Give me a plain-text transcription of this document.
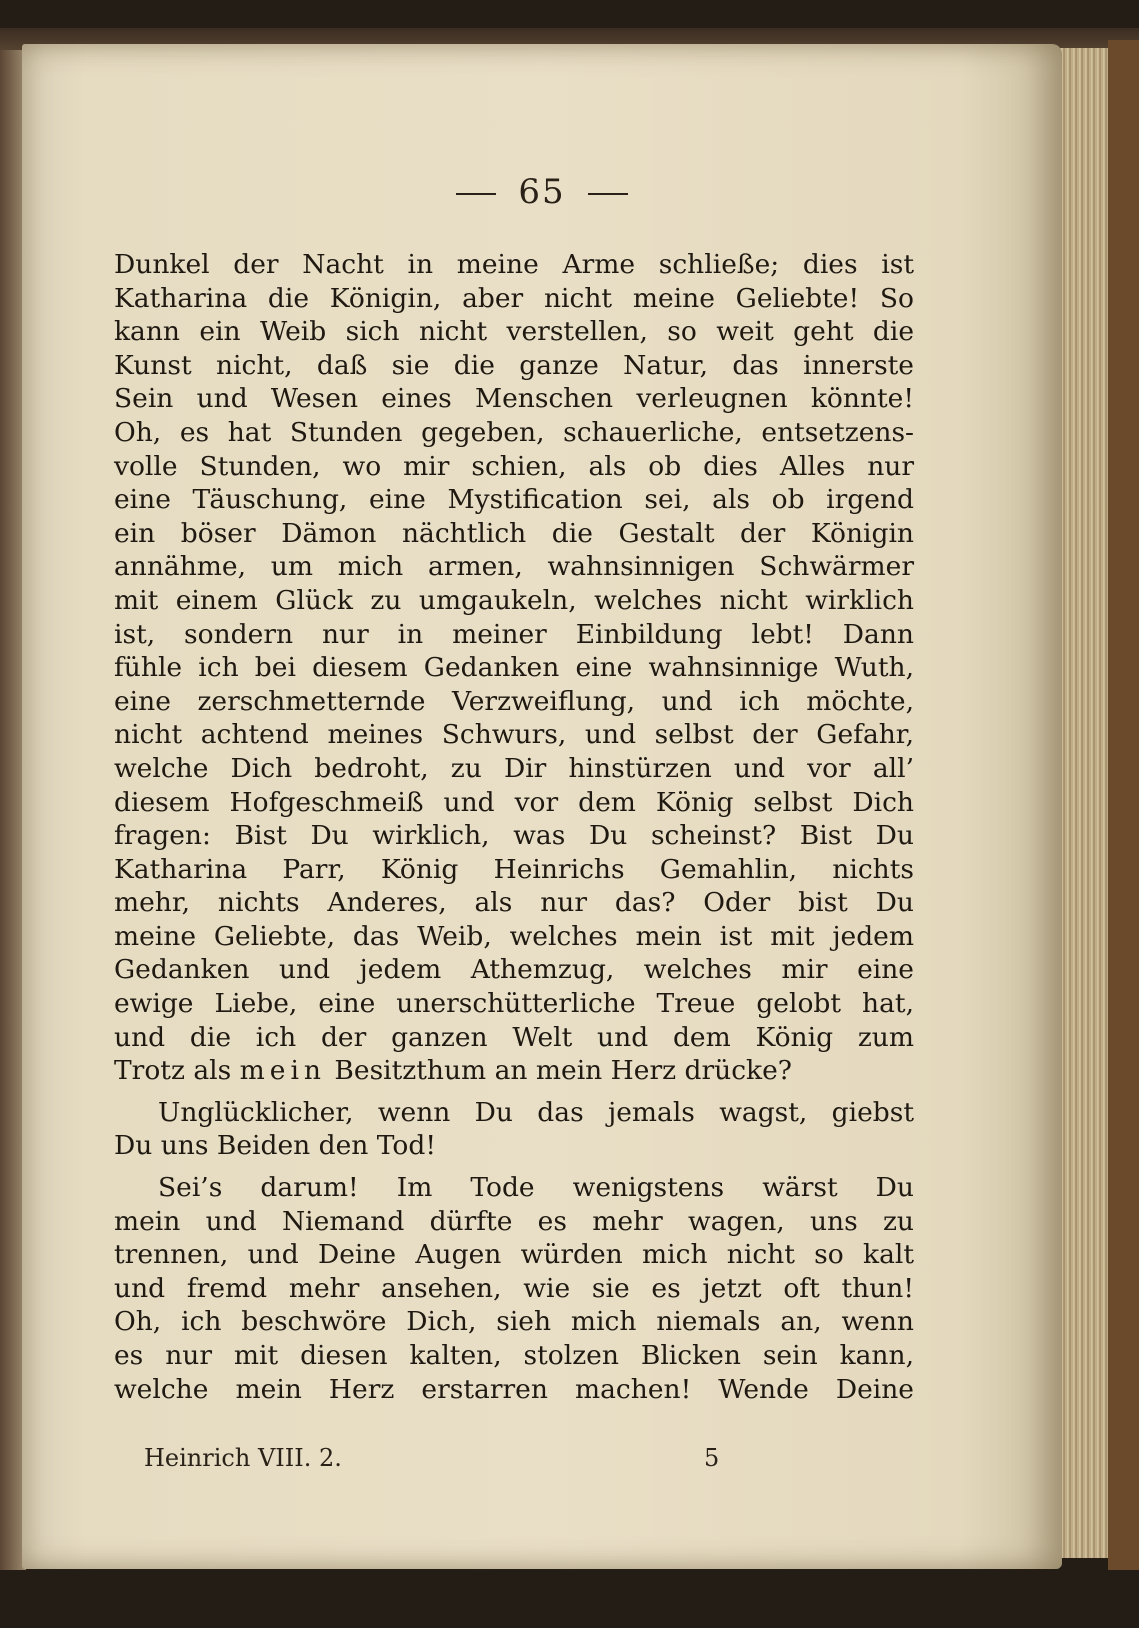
65
Dunkel der Nacht in meine Arme schließe; dies ist
Katharina die Königin, aber nicht meine Geliebte! So
kann ein Weib sich nicht verstellen, so weit geht die
Kunst nicht, daß sie die ganze Natur, das innerste
Sein und Wesen eines Menschen verleugnen könnte!
Oh, es hat Stunden gegeben, schauerliche, entsetzens-
volle Stunden, wo mir schien, als ob dies Alles nur
eine Täuschung, eine Mystification sei, als ob irgend
ein böser Dämon nächtlich die Gestalt der Königin
annähme, um mich armen, wahnsinnigen Schwärmer
mit einem Glück zu umgaukeln, welches nicht wirklich
ist, sondern nur in meiner Einbildung lebt! Dann
fühle ich bei diesem Gedanken eine wahnsinnige Wuth,
eine zerschmetternde Verzweiflung, und ich möchte,
nicht achtend meines Schwurs, und selbst der Gefahr,
welche Dich bedroht, zu Dir hinstürzen und vor all’
diesem Hofgeschmeiß und vor dem König selbst Dich
fragen: Bist Du wirklich, was Du scheinst? Bist Du
Katharina Parr, König Heinrichs Gemahlin, nichts
mehr, nichts Anderes, als nur das? Oder bist Du
meine Geliebte, das Weib, welches mein ist mit jedem
Gedanken und jedem Athemzug, welches mir eine
ewige Liebe, eine unerschütterliche Treue gelobt hat,
und die ich der ganzen Welt und dem König zum
Trotz als mein Besitzthum an mein Herz drücke?
Unglücklicher, wenn Du das jemals wagst, giebst
Du uns Beiden den Tod!
Sei’s darum! Im Tode wenigstens wärst Du
mein und Niemand dürfte es mehr wagen, uns zu
trennen, und Deine Augen würden mich nicht so kalt
und fremd mehr ansehen, wie sie es jetzt oft thun!
Oh, ich beschwöre Dich, sieh mich niemals an, wenn
es nur mit diesen kalten, stolzen Blicken sein kann,
welche mein Herz erstarren machen! Wende Deine
Heinrich VIII. 2.	5
